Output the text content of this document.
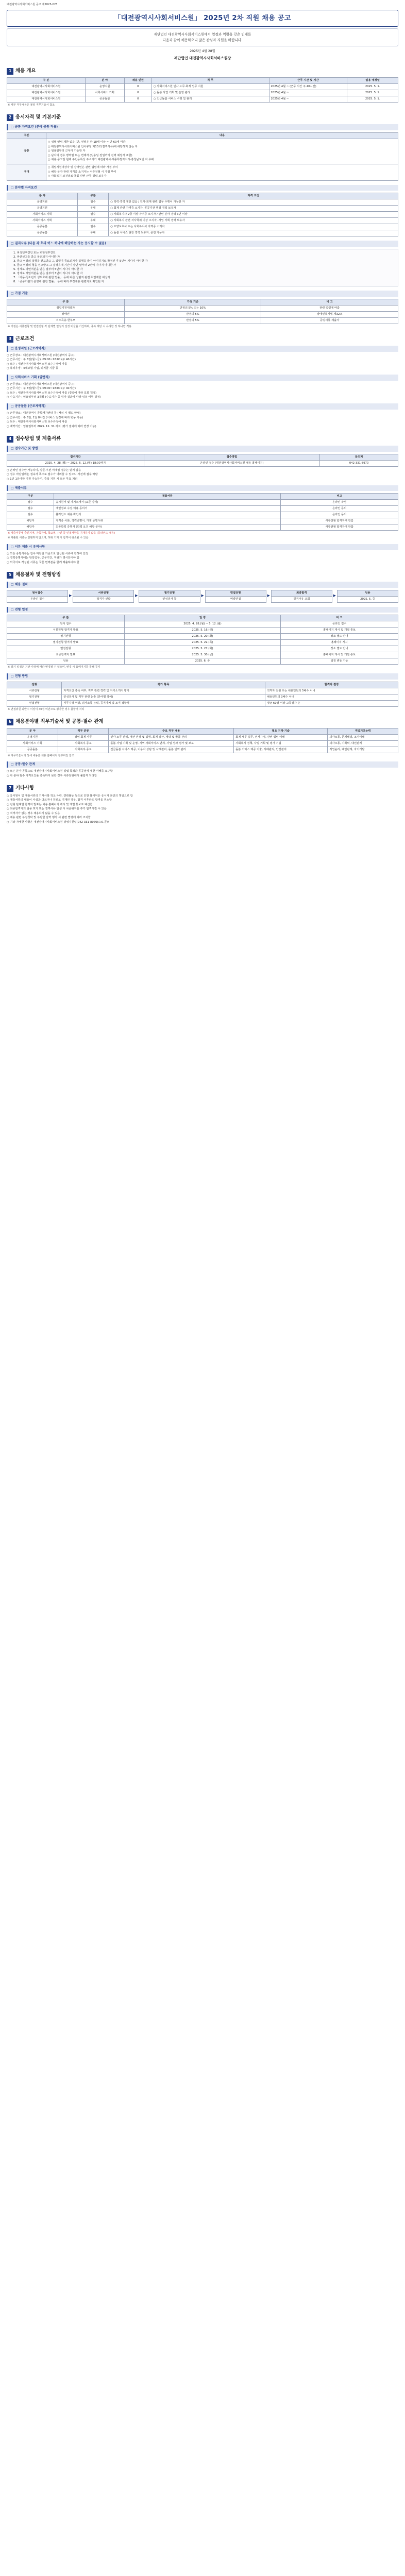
대전광역시사회서비스원 공고 제2025-025
「대전광역시사회서비스원」 2025년 2차 직원 채용 공고
재단법인 대전광역시사회서비스원에서 열정과 역량을 갖춘 인재를
다음과 같이 채용하오니 많은 관심과 지원을 바랍니다.
2025년 4월 28일
재단법인 대전광역시사회서비스원장
1 채용 개요
구 분	분 야	채용 인원	직 무	근무 시간 및 기간	임용 예정일
대전광역시사회서비스원	운영지원	0	○ 사회서비스원 인사·노무·회계 업무 지원	2025년 4월 ~ (근무 시간 주 40시간)	2025. 5. 1.
대전광역시사회서비스원	사회서비스 기획	0	○ 돌봄 사업 기획 및 운영 관리	2025년 4월 ~	2025. 5. 1.
대전광역시사회서비스원	공공돌봄	0	○ 긴급돌봄 서비스 수행 및 관리	2025년 4월 ~	2025. 5. 1.
※ 세부 직무내용은 붙임 직무기술서 참조
2 응시자격 및 기본기준
□ 공통 자격요건 (분야 공통 적용)
구분	내용
공통	○ 성별·연령 제한 없음 (단, 연령은 만 18세 이상 ~ 만 60세 미만)
○ 대전광역시사회서비스원 인사규정 제13조(결격사유)에 해당하지 않는 자
○ 임용일부터 근무가 가능한 자
○ 남자의 경우 병역필 또는 면제자 (임용일 전일까지 전역 예정자 포함)
○ 채용 공고일 현재 주민등록상 주소지가 대전광역시·세종특별자치시·충청남도인 자 우대

우대	○ 취업지원대상자 및 장애인은 관련 법령에 따라 가점 부여
○ 해당 분야 관련 자격증 소지자는 서류전형 시 가점 부여
○ 사회복지·보건의료·돌봄 관련 근무 경력 보유자
□ 분야별 자격요건
분 야	구분	자격 요건
운영지원	필수	○ 학력·경력 제한 없음 / 인사·회계 관련 업무 수행이 가능한 자
운영지원	우대	○ 회계 관련 자격증 소지자, 공공기관 행정 경력 보유자
사회서비스 기획	필수	○ 사회복지사 2급 이상 자격증 소지자 / 관련 분야 경력 3년 이상
사회서비스 기획	우대	○ 사회복지 관련 석사학위 이상 소지자, 사업 기획 경력 보유자
공공돌봄	필수	○ 요양보호사 또는 사회복지사 자격증 소지자
공공돌봄	우대	○ 돌봄 서비스 현장 경력 보유자, 운전 가능자
□ 결격사유 (다음 각 호의 어느 하나에 해당하는 자는 응시할 수 없음)
1. 피성년후견인 또는 피한정후견인
2. 파산선고를 받고 복권되지 아니한 자
3. 금고 이상의 실형을 선고받고 그 집행이 종료되거나 집행을 받지 아니하기로 확정된 후 5년이 지나지 아니한 자
4. 금고 이상의 형을 선고받고 그 집행유예 기간이 끝난 날부터 2년이 지나지 아니한 자
5. 징계로 파면처분을 받은 날부터 5년이 지나지 아니한 자
6. 징계로 해임처분을 받은 날부터 3년이 지나지 아니한 자
7. 「아동·청소년의 성보호에 관한 법률」 등에 따른 성범죄 관련 취업제한 대상자
8. 「공공기관의 운영에 관한 법률」 등에 따라 부정채용 관련자로 확인된 자
□ 가점 기준
구 분	가점 기준	비 고
취업지원대상자	만점의 5% 또는 10%	관련 법령에 따름
장애인	만점의 5%	장애인복지법 제32조
저소득층·한부모	만점의 5%	증빙서류 제출자
※ 가점은 서류전형 및 면접전형 각 단계별 만점의 일정 비율을 가산하며, 중복 해당 시 유리한 것 하나만 적용
3 근로조건
□ 운영지원 (근로계약직)
○ 근무장소 : 대전광역시사회서비스원 (대전광역시 중구)
○ 근무시간 : 주 5일(월~금), 09:00~18:00 (주 40시간)
○ 보수 : 대전광역시사회서비스원 보수규정에 따름
○ 복리후생 : 4대보험 가입, 퇴직금 지급 등
□ 사회서비스 기획 (일반직)
○ 근무장소 : 대전광역시사회서비스원 (대전광역시 중구)
○ 근무시간 : 주 5일(월~금), 09:00~18:00 (주 40시간)
○ 보수 : 대전광역시사회서비스원 보수규정에 따름 (경력에 따라 호봉 책정)
○ 수습기간 : 임용일부터 3개월 (수습기간 중 평가 결과에 따라 임용 여부 결정)
□ 공공돌봄 (근로계약직)
○ 근무장소 : 대전광역시 종합재가센터 등 (배치 시 별도 안내)
○ 근무시간 : 주 5일, 1일 8시간 (서비스 일정에 따라 변동 가능)
○ 보수 : 대전광역시사회서비스원 보수규정에 따름
○ 계약기간 : 임용일부터 2025. 12. 31.까지 (평가 결과에 따라 연장 가능)
4 접수방법 및 제출서류
□ 접수기간 및 방법
접수기간	접수방법	문의처
2025. 4. 28.(월) ~ 2025. 5. 12.(월) 18:00까지	온라인 접수 (대전광역시사회서비스원 채용 홈페이지)	042-331-8970
○ 온라인 접수만 가능하며, 방문·우편·이메일 접수는 받지 않음
○ 접수 마감일에는 접속자 폭주로 접수가 어려울 수 있으니 사전에 접수 바람
○ 1인 1분야만 지원 가능하며, 중복 지원 시 모두 무효 처리
□ 제출서류
구분	제출서류	비고
필수	응시원서 및 자기소개서 (표준 양식)	온라인 작성
필수	개인정보 수집·이용 동의서	온라인 동의
필수	블라인드 채용 확인서	온라인 동의
해당자	자격증 사본, 경력증명서, 가점 증빙서류	서류전형 합격자에 한함
해당자	최종학력 증명서 (학력 요건 해당 분야)	서류전형 합격자에 한함
※ 제출서류에 출신지역, 가족관계, 학교명, 사진 등 인적사항을 기재하지 않음 (블라인드 채용)
※ 제출된 서류는 반환하지 않으며, 허위 기재 시 합격이 취소될 수 있음
□ 서류 제출 시 유의사항
○ 모든 증빙서류는 접수 마감일 기준으로 발급된 서류에 한하여 인정
○ 경력증명서에는 담당업무, 근무기간, 직위가 명시되어야 함
○ 외국어로 작성된 서류는 국문 번역본을 함께 제출하여야 함
5 채용절차 및 전형방법
□ 채용 절차
원서접수
온라인 접수
▶
서류전형
적격자 선발
▶
필기전형
인성검사 등
▶
면접전형
역량면접
▶
최종합격
결격사유 조회
▶
임용
2025. 5. 중
□ 전형 일정
구 분	일 정	비 고
원서 접수	2025. 4. 28.(월) ~ 5. 12.(월)	온라인 접수
서류전형 합격자 발표	2025. 5. 16.(금)	홈페이지 게시 및 개별 통보
필기전형	2025. 5. 20.(화)	장소 별도 안내
필기전형 합격자 발표	2025. 5. 22.(목)	홈페이지 게시
면접전형	2025. 5. 27.(화)	장소 별도 안내
최종합격자 발표	2025. 5. 30.(금)	홈페이지 게시 및 개별 통보
임용	2025. 6. 중	일정 변동 가능
※ 상기 일정은 기관 사정에 따라 변경될 수 있으며, 변경 시 홈페이지를 통해 공지
□ 전형 방법
전형	평가 항목	합격자 결정
서류전형	자격요건 충족 여부, 직무 관련 경력 및 자기소개서 평가	적격자 전원 또는 채용인원의 5배수 이내
필기전형	인성검사 및 직무 관련 논술 (분야별 상이)	채용인원의 3배수 이내
면접전형	직무수행 역량, 의사소통 능력, 공직가치 및 조직 적합성	평균 60점 이상 고득점자 순
※ 면접위원 과반수 이상이 40점 미만으로 평가한 경우 불합격 처리
6 채용분야별 직무기술서 및 공통·필수 관계
분 야	직무 분류	주요 직무 내용	필요 지식·기술	직업기초능력
운영지원	경영·회계·사무	인사·노무 관리, 예산 편성 및 집행, 회계 결산, 계약 및 물품 관리	회계·세무 실무, 인사규정, 관련 법령 이해	의사소통, 문제해결, 조직이해
사회서비스 기획	사회복지·종교	돌봄 사업 기획 및 운영, 지역 사회서비스 연계, 사업 성과 평가 및 보고	사회복지 정책, 사업 기획 및 평가 기법	의사소통, 기획력, 대인관계
공공돌봄	사회복지·종교	긴급돌봄 서비스 제공, 이용자 상담 및 사례관리, 돌봄 인력 관리	돌봄 서비스 제공 기술, 사례관리, 안전관리	직업윤리, 대인관계, 자기개발
※ 직무기술서의 상세 내용은 채용 홈페이지 첨부파일 참조
□ 공통·필수 관계
○ 모든 분야 공통으로 대전광역시사회서비스원 설립 목적과 공공성에 대한 이해를 요구함
○ 각 분야 필수 자격요건을 충족하지 못한 경우 서류전형에서 불합격 처리함
7 기타사항
○ 응시원서 및 제출서류의 기재사항 착오·누락, 연락불능 등으로 인한 불이익은 응시자 본인의 책임으로 함
○ 제출서류의 내용이 사실과 다르거나 허위로 기재된 경우, 합격 이후라도 합격을 취소함
○ 전형 단계별 합격자 발표는 채용 홈페이지 게시 및 개별 통보로 대신함
○ 최종합격자의 임용 포기 또는 결격사유 발생 시 차순위자를 추가 합격시킬 수 있음
○ 적격자가 없는 경우 채용하지 않을 수 있음
○ 채용 관련 부정청탁 및 부당한 압력 행사 시 관련 법령에 따라 조치함
○ 기타 자세한 사항은 대전광역시사회서비스원 경영지원팀(042-331-8970)으로 문의
